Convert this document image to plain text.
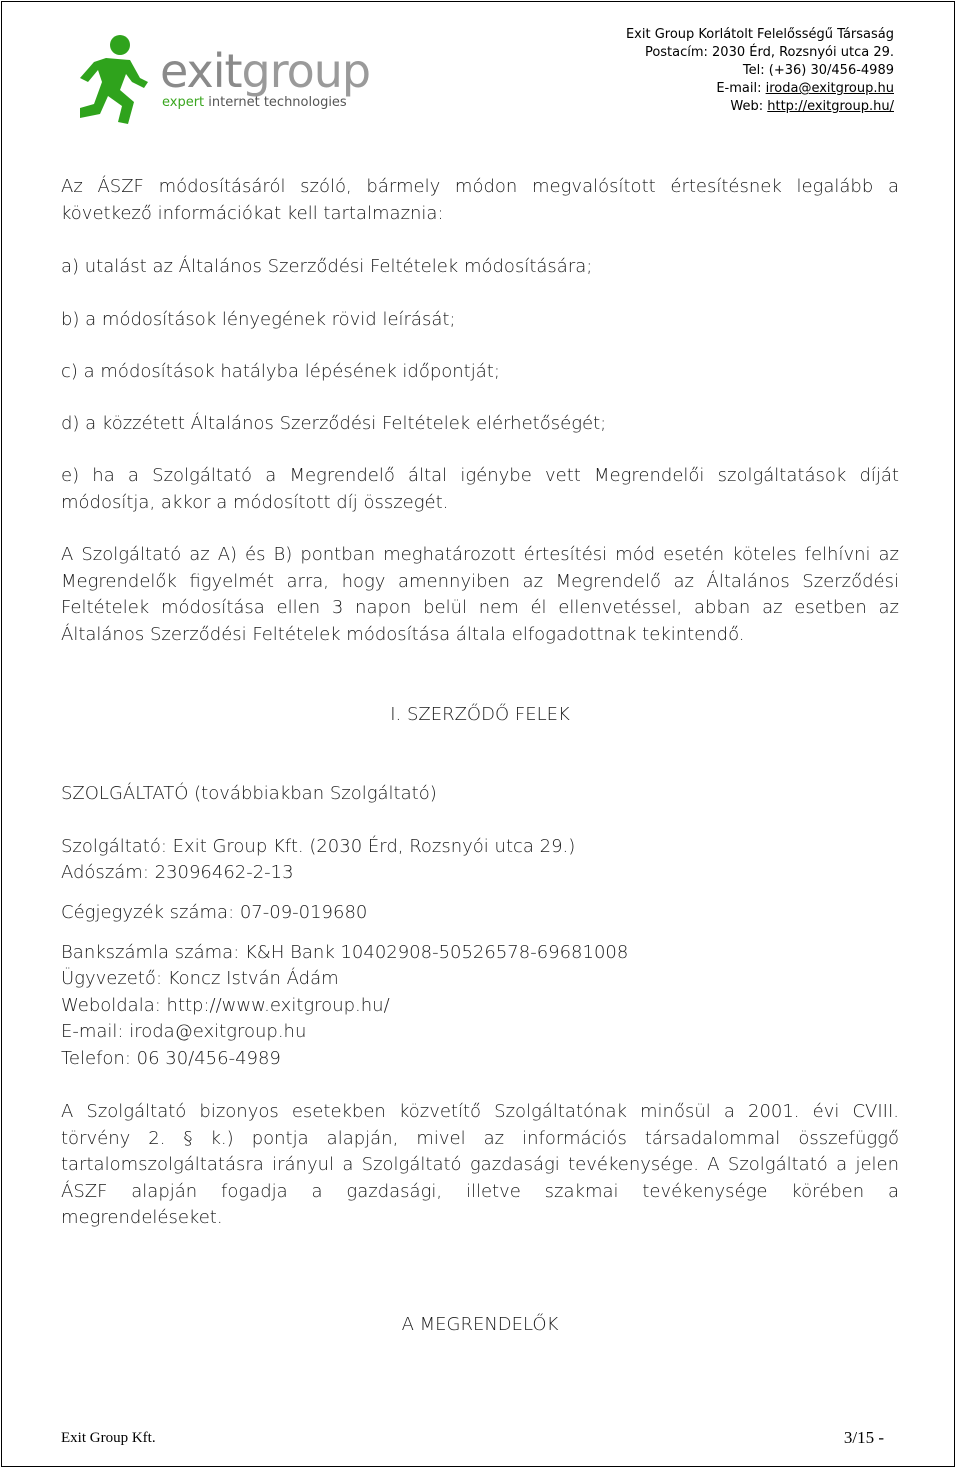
exitgroup
expert internet technologies
Exit Group Korlátolt Felelősségű Társaság
Postacím: 2030 Érd, Rozsnyói utca 29.
Tel: (+36) 30/456-4989
E-mail: iroda@exitgroup.hu
Web: http://exitgroup.hu/

Az ÁSZF módosításáról szóló, bármely módon megvalósított értesítésnek legalább a következő információkat kell tartalmaznia:

a) utalást az Általános Szerződési Feltételek módosítására;

b) a módosítások lényegének rövid leírását;

c) a módosítások hatályba lépésének időpontját;

d) a közzétett Általános Szerződési Feltételek elérhetőségét;

e) ha a Szolgáltató a Megrendelő által igénybe vett Megrendelői szolgáltatások díját módosítja, akkor a módosított díj összegét.

A Szolgáltató az A) és B) pontban meghatározott értesítési mód esetén köteles felhívni az Megrendelők figyelmét arra, hogy amennyiben az Megrendelő az Általános Szerződési Feltételek módosítása ellen 3 napon belül nem él ellenvetéssel, abban az esetben az Általános Szerződési Feltételek módosítása általa elfogadottnak tekintendő.

I. SZERZŐDŐ FELEK

SZOLGÁLTATÓ (továbbiakban Szolgáltató)

Szolgáltató: Exit Group Kft. (2030 Érd, Rozsnyói utca 29.)

Adószám: 23096462-2-13

Cégjegyzék száma: 07-09-019680

Bankszámla száma: K&H Bank 10402908-50526578-69681008

Ügyvezető: Koncz István Ádám

Weboldala: http://www.exitgroup.hu/

E-mail: iroda@exitgroup.hu

Telefon: 06 30/456-4989

A Szolgáltató bizonyos esetekben közvetítő Szolgáltatónak minősül a 2001. évi CVIII. törvény 2. § k.) pontja alapján, mivel az információs társadalommal összefüggő tartalomszolgáltatásra irányul a Szolgáltató gazdasági tevékenysége. A Szolgáltató a jelen ÁSZF alapján fogadja a gazdasági, illetve szakmai tevékenysége körében a megrendeléseket.

A MEGRENDELŐK

Exit Group Kft.	3/15 -
